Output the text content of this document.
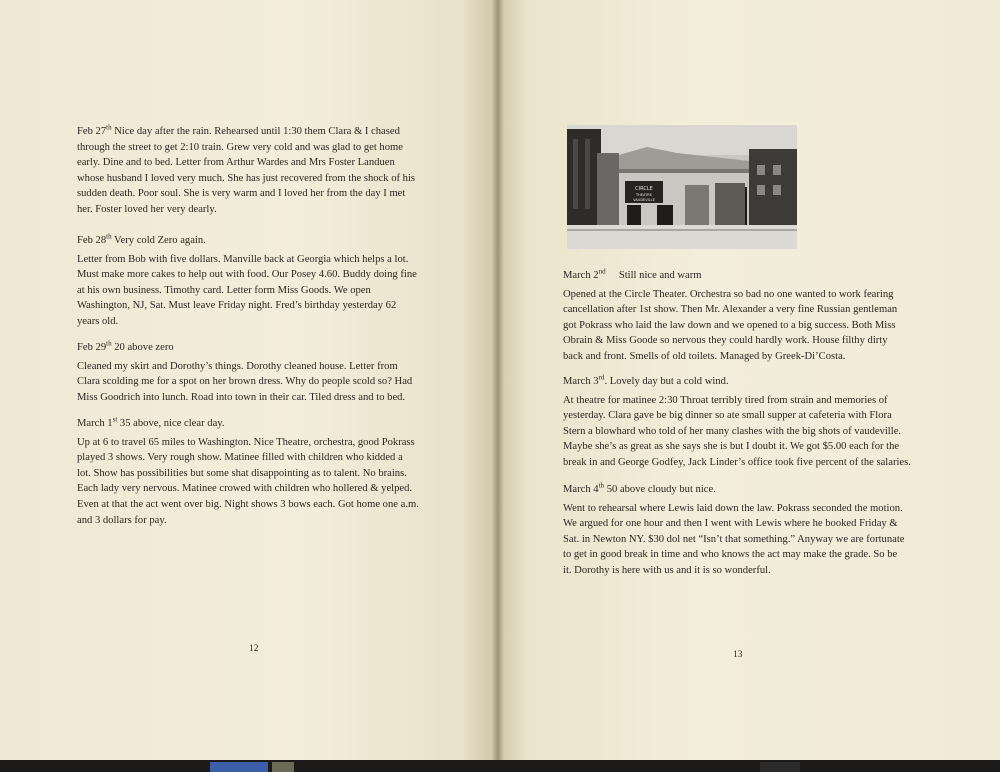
Feb 27th Nice day after the rain. Rehearsed until 1:30 them Clara & I chased

through the street to get 2:10 train. Grew very cold and was glad to get home

early. Dine and to bed. Letter from Arthur Wardes and Mrs Foster Landuen

whose husband I loved very much. She has just recovered from the shock of his

sudden death. Poor soul. She is very warm and I loved her from the day I met

her. Foster loved her very dearly.

Feb 28th Very cold Zero again.

Letter from Bob with five dollars. Manville back at Georgia which helps a lot.

Must make more cakes to help out with food. Our Posey 4.60. Buddy doing fine

at his own business. Timothy card. Letter form Miss Goods. We open

Washington, NJ, Sat. Must leave Friday night. Fred’s birthday yesterday 62

years old.

Feb 29th 20 above zero

Cleaned my skirt and Dorothy’s things. Dorothy cleaned house. Letter from

Clara scolding me for a spot on her brown dress. Why do people scold so? Had

Miss Goodrich into lunch. Road into town in their car. Tiled dress and to bed.

March 1st 35 above, nice clear day.

Up at 6 to travel 65 miles to Washington. Nice Theatre, orchestra, good Pokrass

played 3 shows. Very rough show. Matinee filled with children who kidded a

lot. Show has possibilities but some shat disappointing as to talent. No brains.

Each lady very nervous. Matinee crowed with children who hollered & yelped.

Even at that the act went over big. Night shows 3 bows each. Got home one a.m.

and 3 dollars for pay.

12
CIRCLE
THEATRE
VAUDEVILLE

March 2nd     Still nice and warm

Opened at the Circle Theater. Orchestra so bad no one wanted to work fearing

cancellation after 1st show. Then Mr. Alexander a very fine Russian gentleman

got Pokrass who laid the law down and we opened to a big success. Both Miss

Obrain & Miss Goode so nervous they could hardly work. House filthy dirty

back and front. Smells of old toilets. Managed by Greek-Di’Costa.

March 3rd. Lovely day but a cold wind.

At theatre for matinee 2:30 Throat terribly tired from strain and memories of

yesterday. Clara gave be big dinner so ate small supper at cafeteria with Flora

Stern a blowhard who told of her many clashes with the big shots of vaudeville.

Maybe she’s as great as she says she is but I doubt it. We got $5.00 each for the

break in and George Godfey, Jack Linder’s office took five percent of the salaries.

March 4th 50 above cloudy but nice.

Went to rehearsal where Lewis laid down the law. Pokrass seconded the motion.

We argued for one hour and then I went with Lewis where he booked Friday &

Sat. in Newton NY. $30 dol net “Isn’t that something.” Anyway we are fortunate

to get in good break in time and who knows the act may make the grade. So be

it. Dorothy is here with us and it is so wonderful.

13
